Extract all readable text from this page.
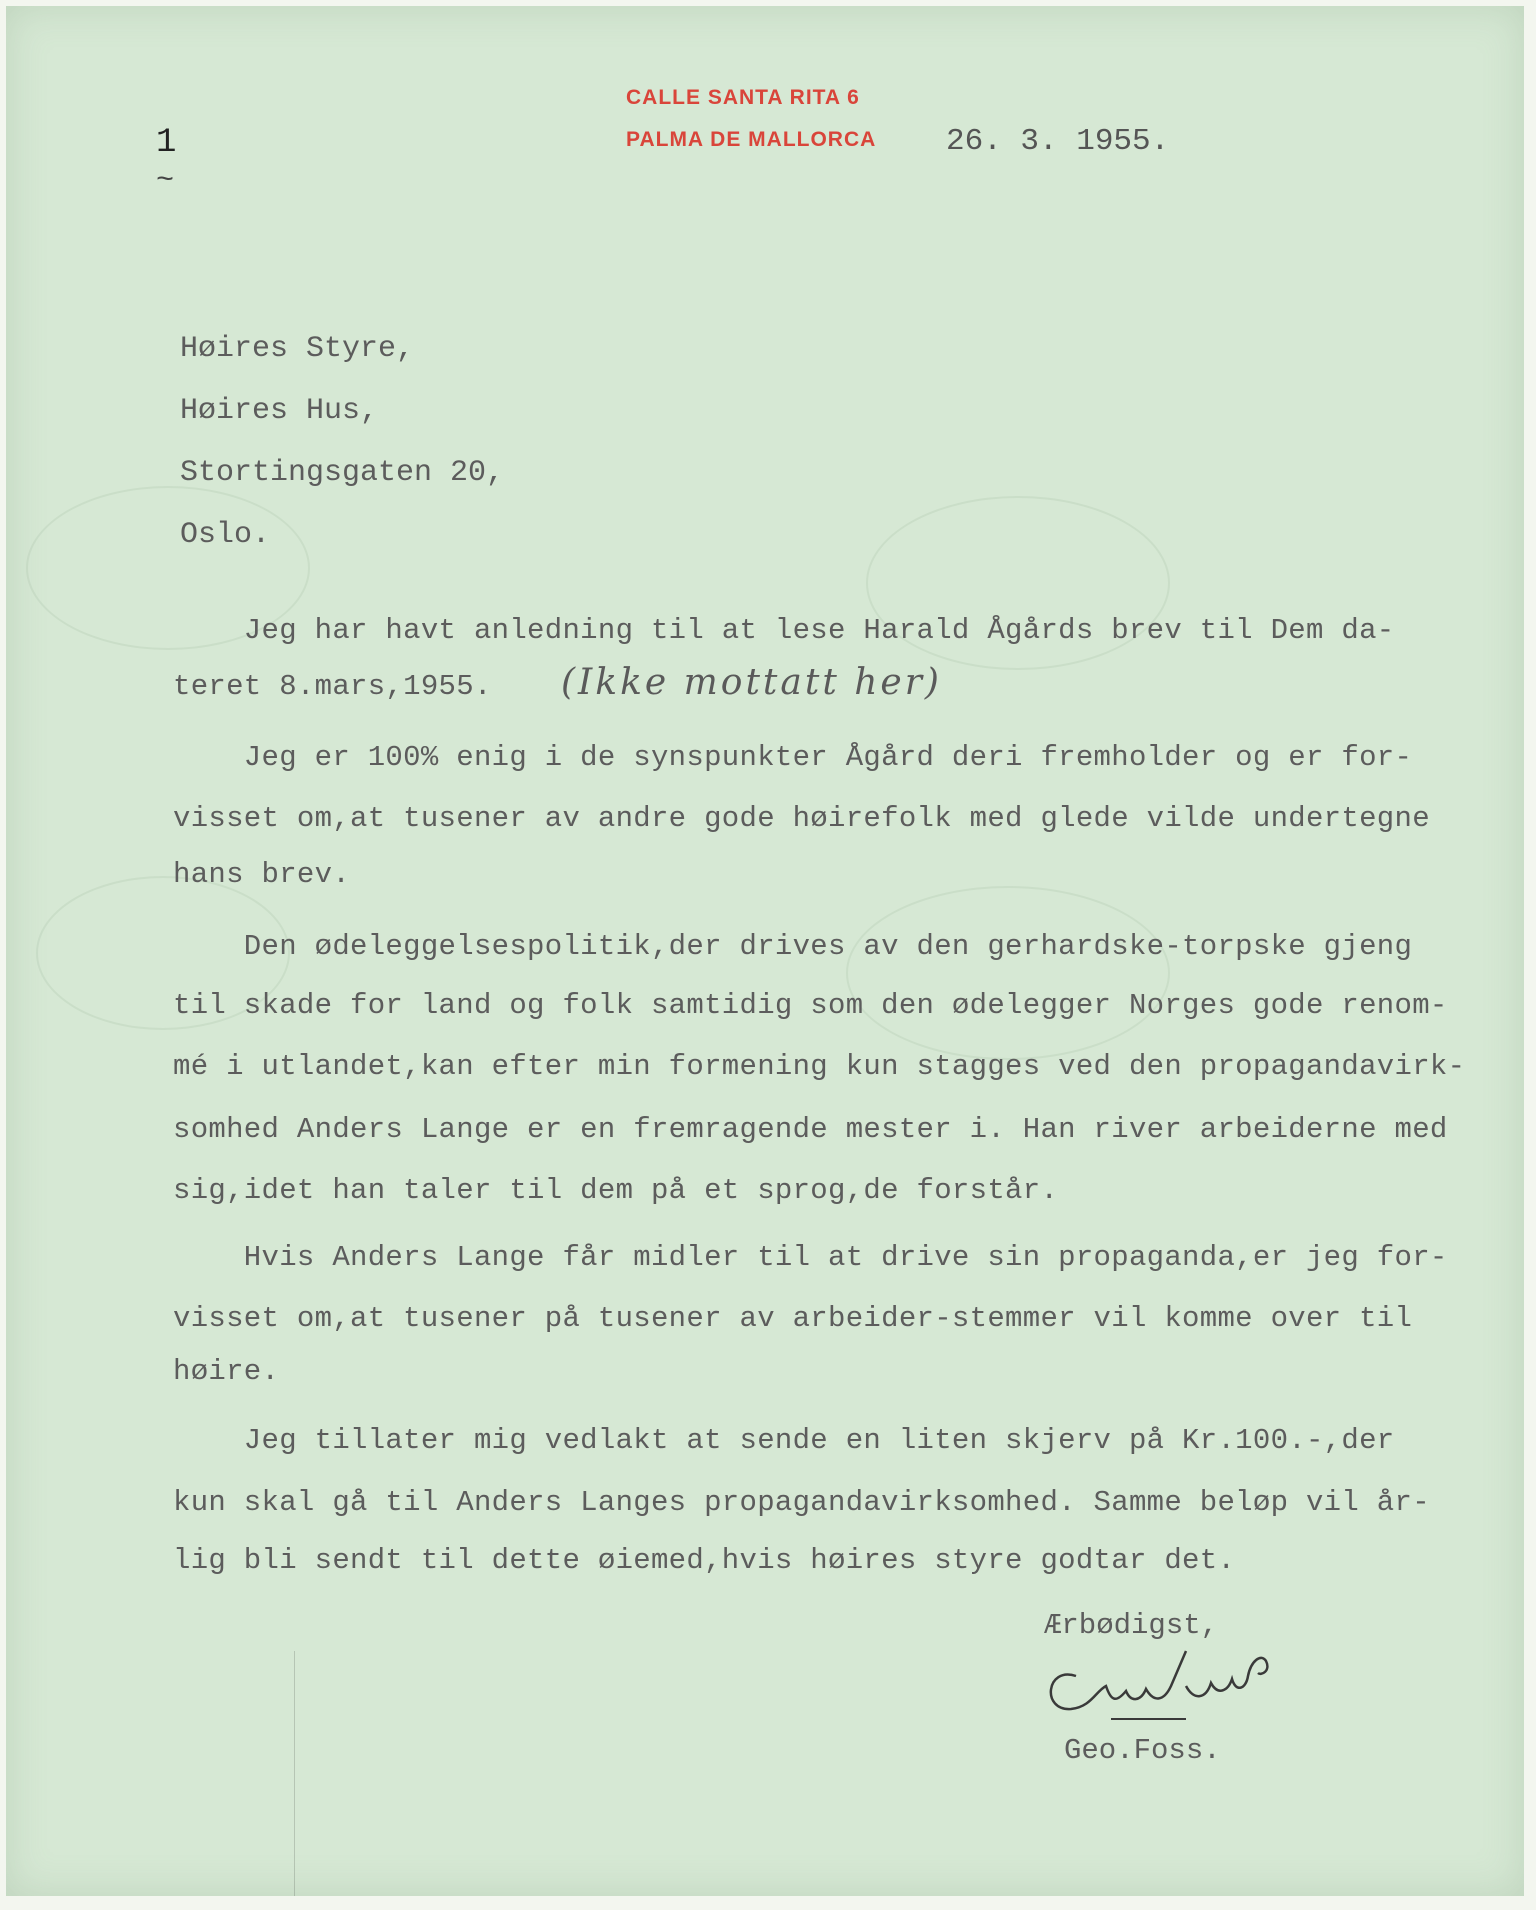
1
~
CALLE SANTA RITA 6
PALMA DE MALLORCA 26. 3. 1955.
Høires Styre,
Høires Hus,
Stortingsgaten 20,
Oslo.
Jeg har havt anledning til at lese Harald Ågårds brev til Dem da-
teret 8.mars,1955. (Ikke mottatt her)
Jeg er 100% enig i de synspunkter Ågård deri fremholder og er for-
visset om,at tusener av andre gode høirefolk med glede vilde undertegne
hans brev.
Den ødeleggelsespolitik,der drives av den gerhardske-torpske gjeng
til skade for land og folk samtidig som den ødelegger Norges gode renom-
mé i utlandet,kan efter min formening kun stagges ved den propagandavirk-
somhed Anders Lange er en fremragende mester i. Han river arbeiderne med
sig,idet han taler til dem på et sprog,de forstår.
Hvis Anders Lange får midler til at drive sin propaganda,er jeg for-
visset om,at tusener på tusener av arbeider-stemmer vil komme over til
høire.
Jeg tillater mig vedlakt at sende en liten skjerv på Kr.100.-,der
kun skal gå til Anders Langes propagandavirksomhed. Samme beløp vil år-
lig bli sendt til dette øiemed,hvis høires styre godtar det.
Ærbødigst,
Geo.Foss.
